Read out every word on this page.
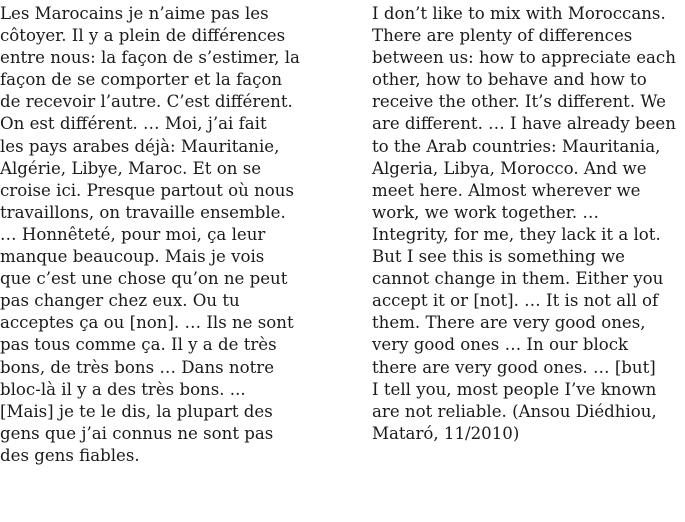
Les Marocains je n’aime pas les
côtoyer. Il y a plein de différences
entre nous: la façon de s’estimer, la
façon de se comporter et la façon
de recevoir l’autre. C’est différent.
On est différent. … Moi, j’ai fait
les pays arabes déjà: Mauritanie,
Algérie, Libye, Maroc. Et on se
croise ici. Presque partout où nous
travaillons, on travaille ensemble.
… Honnêteté, pour moi, ça leur
manque beaucoup. Mais je vois
que c’est une chose qu’on ne peut
pas changer chez eux. Ou tu
acceptes ça ou [non]. … Ils ne sont
pas tous comme ça. Il y a de très
bons, de très bons … Dans notre
bloc-là il y a des très bons. ...
[Mais] je te le dis, la plupart des
gens que j’ai connus ne sont pas
des gens fiables.
I don’t like to mix with Moroccans.
There are plenty of differences
between us: how to appreciate each
other, how to behave and how to
receive the other. It’s different. We
are different. … I have already been
to the Arab countries: Mauritania,
Algeria, Libya, Morocco. And we
meet here. Almost wherever we
work, we work together. …
Integrity, for me, they lack it a lot.
But I see this is something we
cannot change in them. Either you
accept it or [not]. … It is not all of
them. There are very good ones,
very good ones … In our block
there are very good ones. … [but]
I tell you, most people I’ve known
are not reliable. (Ansou Diédhiou,
Mataró, 11/2010)
